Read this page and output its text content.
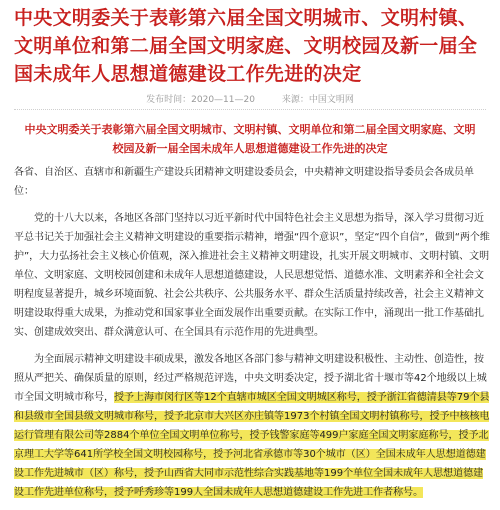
中央文明委关于表彰第六届全国文明城市、文明村镇、文明单位和第二届全国文明家庭、文明校园及新一届全国未成年人思想道德建设工作先进的决定
发布时间：2020—11—20	来源：中国文明网
中央文明委关于表彰第六届全国文明城市、文明村镇、文明单位和第二届全国文明家庭、文明校园及新一届全国未成年人思想道德建设工作先进的决定

各省、自治区、直辖市和新疆生产建设兵团精神文明建设委员会，中央精神文明建设指导委员会各成员单位：

党的十八大以来，各地区各部门坚持以习近平新时代中国特色社会主义思想为指导，深入学习贯彻习近平总书记关于加强社会主义精神文明建设的重要指示精神，增强“四个意识”，坚定“四个自信”，做到“两个维护”，大力弘扬社会主义核心价值观，深入推进社会主义精神文明建设，扎实开展文明城市、文明村镇、文明单位、文明家庭、文明校园创建和未成年人思想道德建设，人民思想觉悟、道德水准、文明素养和全社会文明程度显著提升，城乡环境面貌、社会公共秩序、公共服务水平、群众生活质量持续改善，社会主义精神文明建设取得重大成果，为推动党和国家事业全面发展作出重要贡献。在实际工作中，涌现出一批工作基础扎实、创建成效突出、群众满意认可、在全国具有示范作用的先进典型。

为全面展示精神文明建设丰硕成果，激发各地区各部门参与精神文明建设积极性、主动性、创造性，按照从严把关、确保质量的原则，经过严格规范评选，中央文明委决定，授予湖北省十堰市等42个地级以上城市全国文明城市称号，授予上海市闵行区等12个直辖市城区全国文明城区称号，授予浙江省德清县等79个县和县级市全国县级文明城市称号，授予北京市大兴区亦庄镇等1973个村镇全国文明村镇称号，授予中核核电运行管理有限公司等2884个单位全国文明单位称号，授予钱警家庭等499户家庭全国文明家庭称号，授予北京理工大学等641所学校全国文明校园称号，授予河北省承德市等30个城市（区）全国未成年人思想道德建设工作先进城市（区）称号，授予山西省大同市示范性综合实践基地等199个单位全国未成年人思想道德建设工作先进单位称号，授予呼秀珍等199人全国未成年人思想道德建设工作先进工作者称号。
